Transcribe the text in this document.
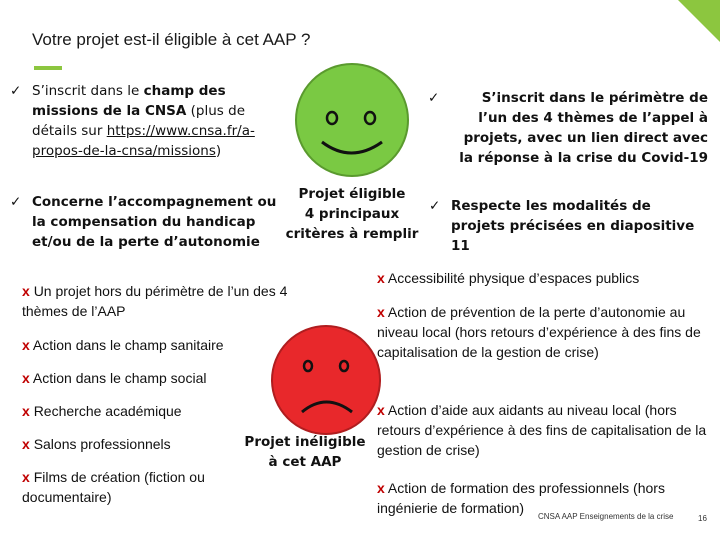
Votre projet est-il éligible à cet AAP ?
✓ S’inscrit dans le champ des missions de la CNSA (plus de détails sur https://www.cnsa.fr/a-propos-de-la-cnsa/missions)
✓	S’inscrit dans le périmètre de l’un des 4 thèmes de l’appel à projets, avec un lien direct avec la réponse à la crise du Covid-19
✓ Concerne l’accompagnement ou la compensation du handicap et/ou de la perte d’autonomie
✓ Respecte les modalités de projets précisées en diapositive 11
Projet éligible
4 principaux
critères à remplir
Projet inéligible
à cet AAP
x Un projet hors du périmètre de l’un des 4 thèmes de l’AAP
x Action dans le champ sanitaire
x Action dans le champ social
x Recherche académique
x Salons professionnels
x Films de création (fiction ou documentaire)
x Accessibilité physique d’espaces publics
x Action de prévention de la perte d’autonomie au niveau local (hors retours d’expérience à des fins de capitalisation de la gestion de crise)
x Action d’aide aux aidants au niveau local (hors retours d’expérience à des fins de capitalisation de la gestion de crise)
x Action de formation des professionnels (hors ingénierie de formation)
CNSA AAP Enseignements de la crise	16
